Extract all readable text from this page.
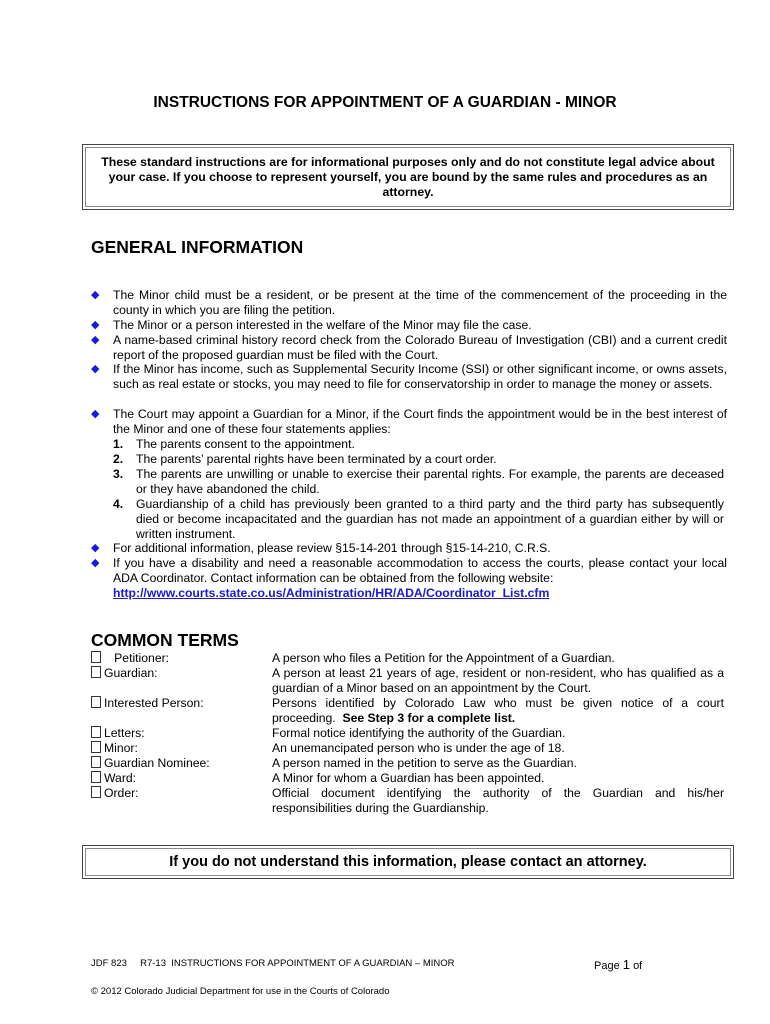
INSTRUCTIONS FOR APPOINTMENT OF A GUARDIAN - MINOR
These standard instructions are for informational purposes only and do not constitute legal advice about your case. If you choose to represent yourself, you are bound by the same rules and procedures as an attorney.
GENERAL INFORMATION
◆ The Minor child must be a resident, or be present at the time of the commencement of the proceeding in the county in which you are filing the petition.
◆ The Minor or a person interested in the welfare of the Minor may file the case.
◆ A name-based criminal history record check from the Colorado Bureau of Investigation (CBI) and a current credit report of the proposed guardian must be filed with the Court.
◆ If the Minor has income, such as Supplemental Security Income (SSI) or other significant income, or owns assets, such as real estate or stocks, you may need to file for conservatorship in order to manage the money or assets.
◆ The Court may appoint a Guardian for a Minor, if the Court finds the appointment would be in the best interest of the Minor and one of these four statements applies:
1. The parents consent to the appointment.
2. The parents’ parental rights have been terminated by a court order.
3. The parents are unwilling or unable to exercise their parental rights. For example, the parents are deceased or they have abandoned the child.
4. Guardianship of a child has previously been granted to a third party and the third party has subsequently died or become incapacitated and the guardian has not made an appointment of a guardian either by will or written instrument.
◆ For additional information, please review §15-14-201 through §15-14-210, C.R.S.
◆ If you have a disability and need a reasonable accommodation to access the courts, please contact your local ADA Coordinator. Contact information can be obtained from the following website:
http://www.courts.state.co.us/Administration/HR/ADA/Coordinator_List.cfm
COMMON TERMS
Petitioner:	A person who files a Petition for the Appointment of a Guardian.
Guardian:	A person at least 21 years of age, resident or non-resident, who has qualified as a guardian of a Minor based on an appointment by the Court.
Interested Person:	Persons identified by Colorado Law who must be given notice of a court proceeding. See Step 3 for a complete list.
Letters:	Formal notice identifying the authority of the Guardian.
Minor:	An unemancipated person who is under the age of 18.
Guardian Nominee:	A person named in the petition to serve as the Guardian.
Ward:	A Minor for whom a Guardian has been appointed.
Order:	Official document identifying the authority of the Guardian and his/her responsibilities during the Guardianship.
If you do not understand this information, please contact an attorney.
JDF 823     R7-13  INSTRUCTIONS FOR APPOINTMENT OF A GUARDIAN – MINOR	Page 1 of
© 2012 Colorado Judicial Department for use in the Courts of Colorado
